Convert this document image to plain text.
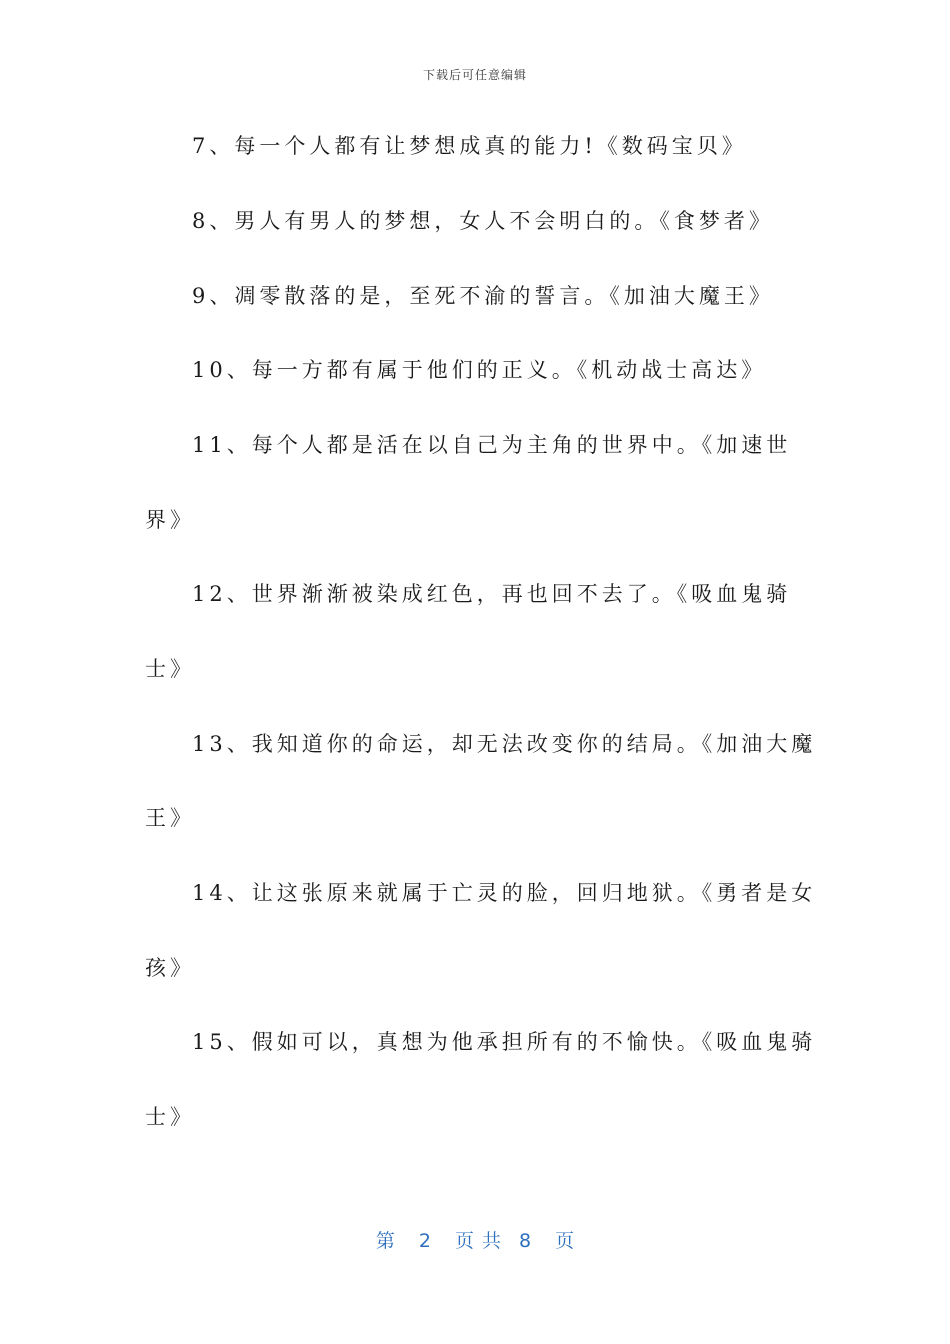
下载后可任意编辑
7、每一个人都有让梦想成真的能力!《数码宝贝》
8、男人有男人的梦想，女人不会明白的。《食梦者》
9、凋零散落的是，至死不渝的誓言。《加油大魔王》
10、每一方都有属于他们的正义。《机动战士高达》
11、每个人都是活在以自己为主角的世界中。《加速世
界》
12、世界渐渐被染成红色，再也回不去了。《吸血鬼骑
士》
13、我知道你的命运，却无法改变你的结局。《加油大魔
王》
14、让这张原来就属于亡灵的脸，回归地狱。《勇者是女
孩》
15、假如可以，真想为他承担所有的不愉快。《吸血鬼骑
士》
第 2 页共 8 页
